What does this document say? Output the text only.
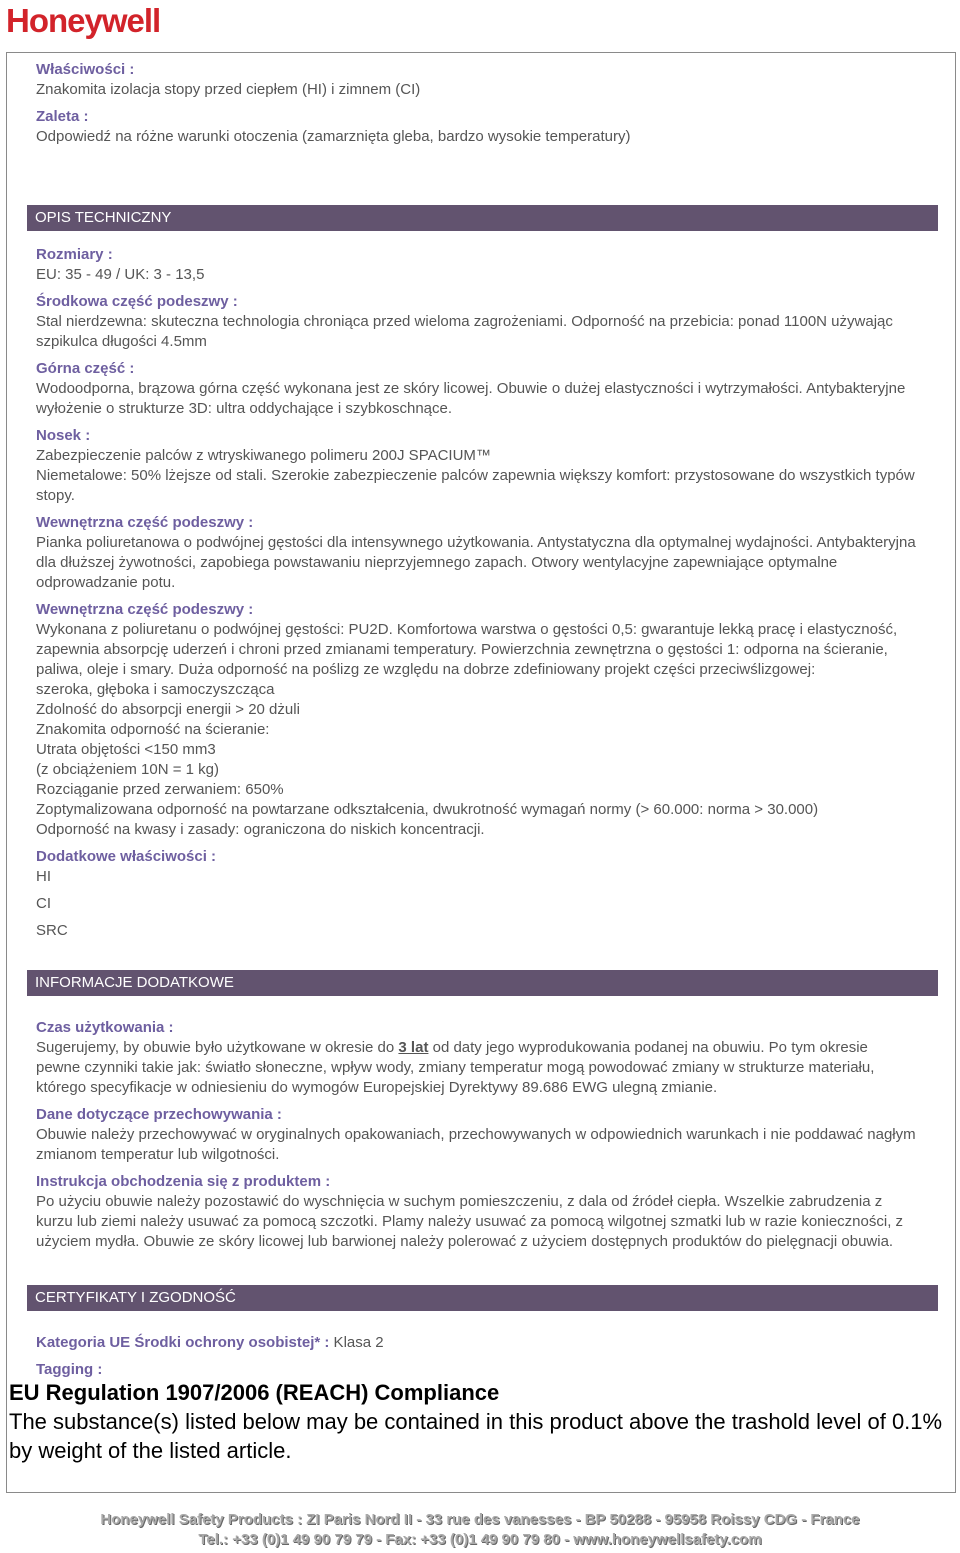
Honeywell

Właściwości :

Znakomita izolacja stopy przed ciepłem (HI) i zimnem (CI)

Zaleta :

Odpowiedź na różne warunki otoczenia (zamarznięta gleba, bardzo wysokie temperatury)

OPIS TECHNICZNY

Rozmiary :

EU: 35 - 49 / UK: 3 - 13,5

Środkowa część podeszwy :

Stal nierdzewna: skuteczna technologia chroniąca przed wieloma zagrożeniami. Odporność na przebicia: ponad 1100N używając szpikulca długości 4.5mm

Górna część :

Wodoodporna, brązowa górna część wykonana jest ze skóry licowej. Obuwie o dużej elastyczności i wytrzymałości. Antybakteryjne wyłożenie o strukturze 3D: ultra oddychające i szybkoschnące.

Nosek :

Zabezpieczenie palców z wtryskiwanego polimeru 200J SPACIUM™

Niemetalowe: 50% lżejsze od stali. Szerokie zabezpieczenie palców zapewnia większy komfort: przystosowane do wszystkich typów stopy.

Wewnętrzna część podeszwy :

Pianka poliuretanowa o podwójnej gęstości dla intensywnego użytkowania. Antystatyczna dla optymalnej wydajności. Antybakteryjna dla dłuższej żywotności, zapobiega powstawaniu nieprzyjemnego zapach. Otwory wentylacyjne zapewniające optymalne odprowadzanie potu.

Wewnętrzna część podeszwy :

Wykonana z poliuretanu o podwójnej gęstości: PU2D. Komfortowa warstwa o gęstości 0,5: gwarantuje lekką pracę i elastyczność, zapewnia absorpcję uderzeń i chroni przed zmianami temperatury. Powierzchnia zewnętrzna o gęstości 1: odporna na ścieranie, paliwa, oleje i smary. Duża odporność na poślizg ze względu na dobrze zdefiniowany projekt części przeciwślizgowej:

szeroka, głęboka i samoczyszcząca

Zdolność do absorpcji energii > 20 dżuli

Znakomita odporność na ścieranie:

Utrata objętości <150 mm3

(z obciążeniem 10N = 1 kg)

Rozciąganie przed zerwaniem: 650%

Zoptymalizowana odporność na powtarzane odkształcenia, dwukrotność wymagań normy (> 60.000: norma > 30.000)

Odporność na kwasy i zasady: ograniczona do niskich koncentracji.

Dodatkowe właściwości :

HI

CI

SRC

INFORMACJE DODATKOWE

Czas użytkowania :

Sugerujemy, by obuwie było użytkowane w okresie do 3 lat od daty jego wyprodukowania podanej na obuwiu. Po tym okresie pewne czynniki takie jak: światło słoneczne, wpływ wody, zmiany temperatur mogą powodować zmiany w strukturze materiału, którego specyfikacje w odniesieniu do wymogów Europejskiej Dyrektywy 89.686 EWG ulegną zmianie.

Dane dotyczące przechowywania :

Obuwie należy przechowywać w oryginalnych opakowaniach, przechowywanych w odpowiednich warunkach i nie poddawać nagłym zmianom temperatur lub wilgotności.

Instrukcja obchodzenia się z produktem :

Po użyciu obuwie należy pozostawić do wyschnięcia w suchym pomieszczeniu, z dala od źródeł ciepła. Wszelkie zabrudzenia z kurzu lub ziemi należy usuwać za pomocą szczotki. Plamy należy usuwać za pomocą wilgotnej szmatki lub w razie konieczności, z użyciem mydła. Obuwie ze skóry licowej lub barwionej należy polerować z użyciem dostępnych produktów do pielęgnacji obuwia.

CERTYFIKATY I ZGODNOŚĆ

Kategoria UE Środki ochrony osobistej* : Klasa 2

Tagging :

EU Regulation 1907/2006 (REACH) Compliance
The substance(s) listed below may be contained in this product above the trashold level of 0.1% by weight of the listed article.
Honeywell Safety Products : ZI Paris Nord II - 33 rue des vanesses - BP 50288 - 95958 Roissy CDG - France
Tel.: +33 (0)1 49 90 79 79 - Fax: +33 (0)1 49 90 79 80 - www.honeywellsafety.com
